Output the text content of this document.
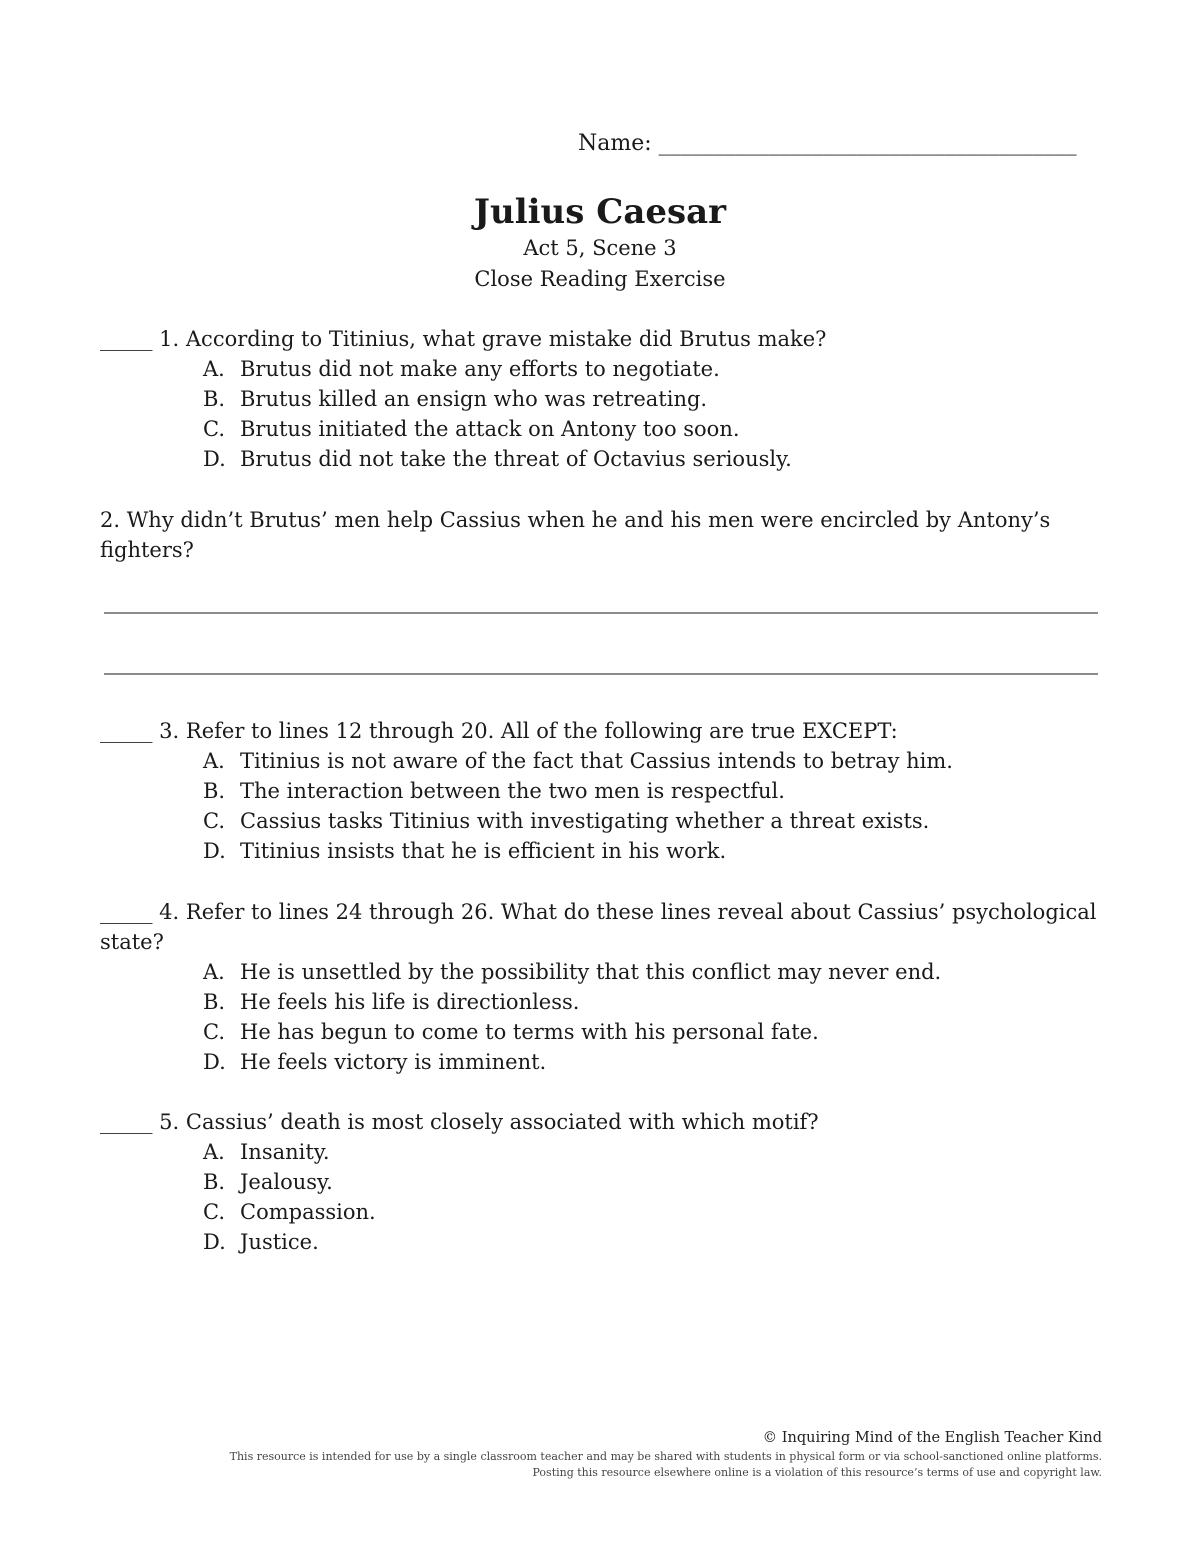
Name: ______________________________________
Julius Caesar
Act 5, Scene 3
Close Reading Exercise

_____ 1. According to Titinius, what grave mistake did Brutus make?

A. Brutus did not make any efforts to negotiate.
B. Brutus killed an ensign who was retreating.
C. Brutus initiated the attack on Antony too soon.
D. Brutus did not take the threat of Octavius seriously.

2. Why didn’t Brutus’ men help Cassius when he and his men were encircled by Antony’s fighters?

_____ 3. Refer to lines 12 through 20. All of the following are true EXCEPT:

A. Titinius is not aware of the fact that Cassius intends to betray him.
B. The interaction between the two men is respectful.
C. Cassius tasks Titinius with investigating whether a threat exists.
D. Titinius insists that he is efficient in his work.

_____ 4. Refer to lines 24 through 26. What do these lines reveal about Cassius’ psychological state?

A. He is unsettled by the possibility that this conflict may never end.
B. He feels his life is directionless.
C. He has begun to come to terms with his personal fate.
D. He feels victory is imminent.

_____ 5. Cassius’ death is most closely associated with which motif?

A. Insanity.
B. Jealousy.
C. Compassion.
D. Justice.
© Inquiring Mind of the English Teacher Kind
This resource is intended for use by a single classroom teacher and may be shared with students in physical form or via school-sanctioned online platforms.
Posting this resource elsewhere online is a violation of this resource’s terms of use and copyright law.
